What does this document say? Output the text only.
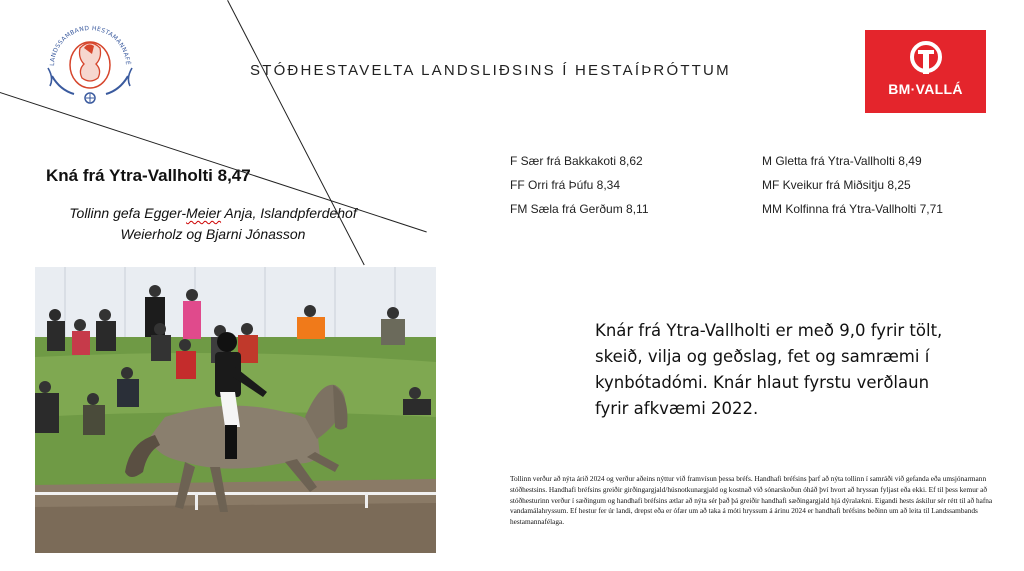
LANDSSAMBAND HESTAMANNAFÉ	STÓÐHESTAVELTA LANDSLIÐSINS Í HESTAÍÞRÓTTUM
BM·VALLÁ
Kná frá Ytra-Vallholti 8,47
Tollinn gefa Egger-Meier Anja, Islandpferdehof
Weierholz og Bjarni Jónasson
F Sær frá Bakkakoti 8,62
FF Orri frá Þúfu 8,34
FM Sæla frá Gerðum 8,11
M Gletta frá Ytra-Vallholti 8,49
MF Kveikur frá Miðsitju 8,25
MM Kolfinna frá Ytra-Vallholti 7,71
Knár frá Ytra-Vallholti er með 9,0 fyrir tölt, skeið, vilja og geðslag, fet og samræmi í kynbótadómi. Knár hlaut fyrstu verðlaun fyrir afkvæmi 2022.
Tollinn verður að nýta árið 2024 og verður aðeins nýttur við framvísun þessa bréfs. Handhafi bréfsins þarf að nýta tollinn í samráði við gefanda eða umsjónarmann stóðhestsins. Handhafi bréfsins greiðir girðingargjald/húsnotkunargjald og kostnað við sónarskoðun óháð því hvort að hryssan fyljast eða ekki. Ef til þess kemur að stóðhesturinn verður í sæðingum og handhafi bréfsins ætlar að nýta sér það þá greiðir handhafi sæðingargjald hjá dýralækni. Eigandi hests áskilur sér rétt til að hafna vandamálahryssum. Ef hestur fer úr landi, drepst eða er ófær um að taka á móti hryssum á árinu 2024 er handhafi bréfsins beðinn um að leita til Landssambands hestamannafélaga.
